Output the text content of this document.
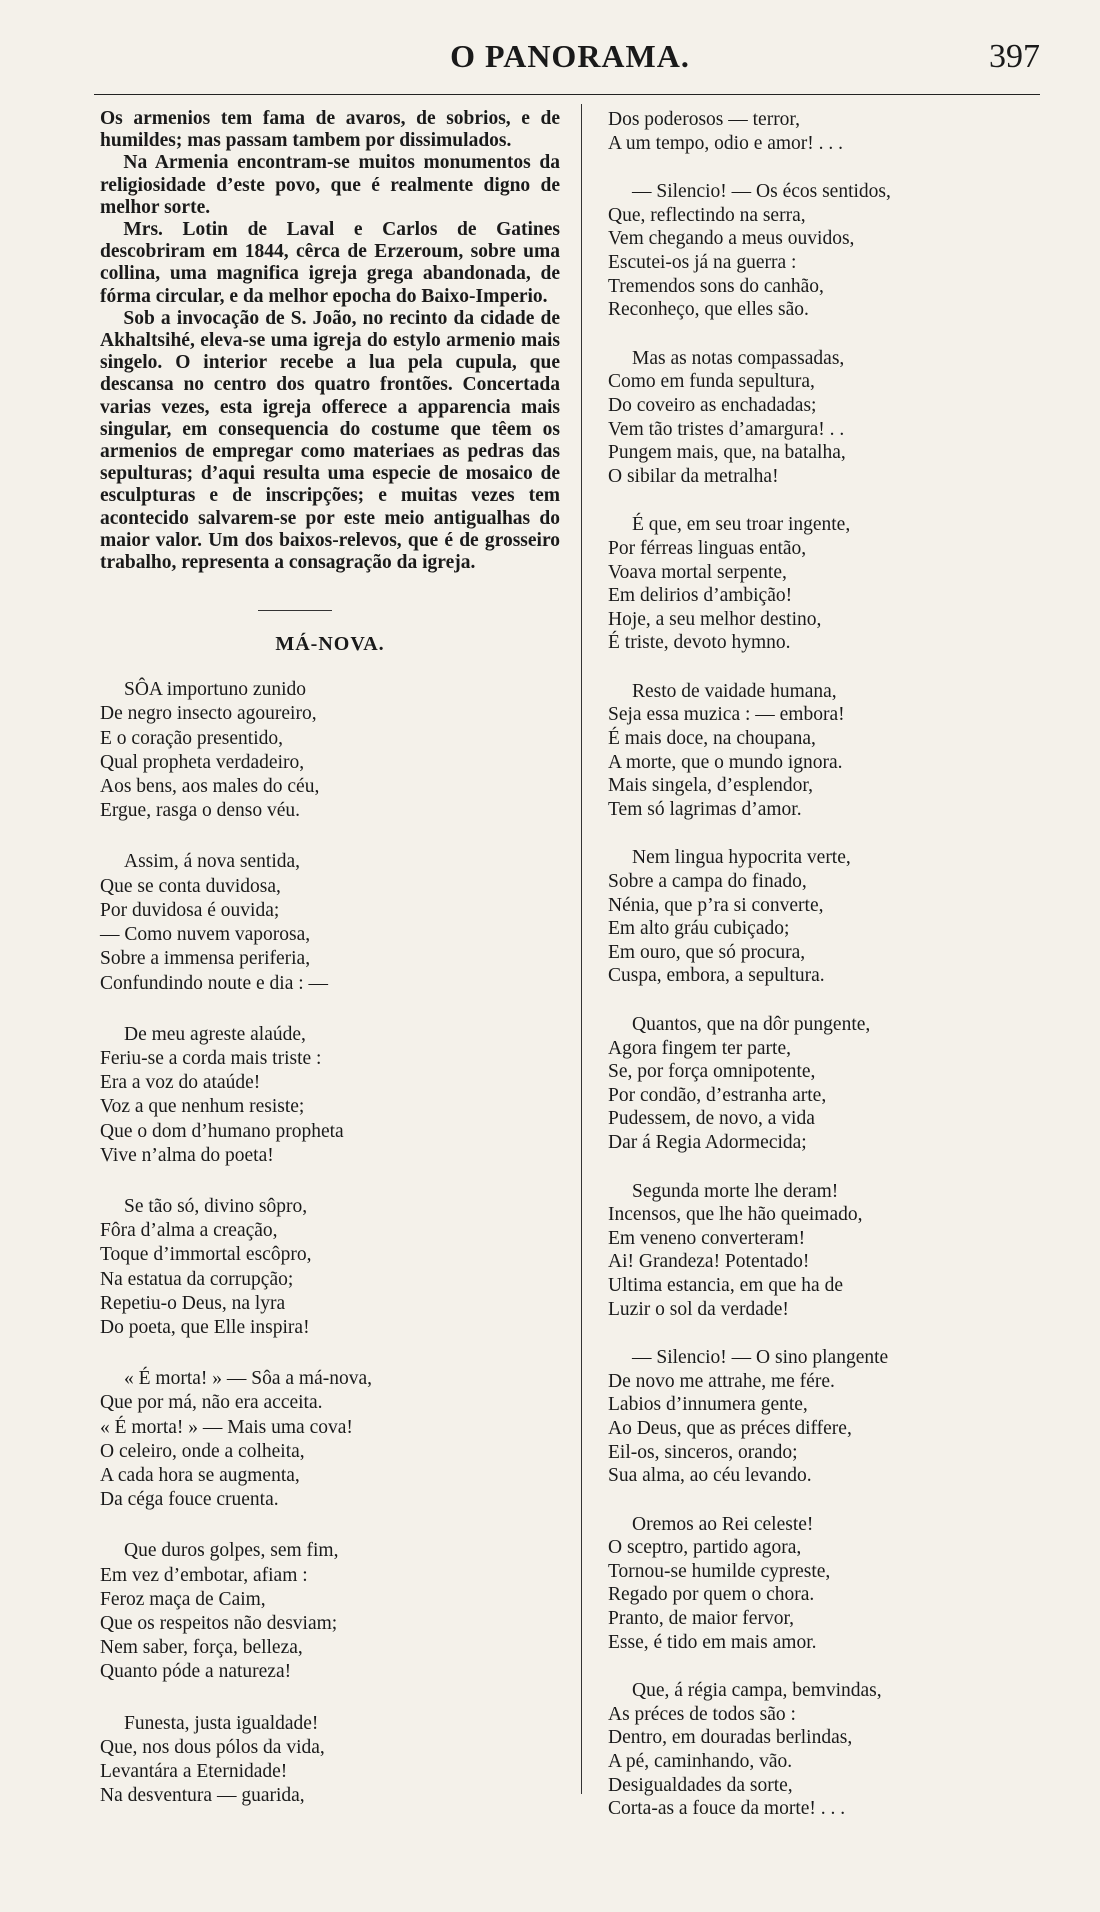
O PANORAMA.	397

Os armenios tem fama de avaros, de sobrios, e de humildes; mas passam tambem por dissimulados.

Na Armenia encontram-se muitos monumentos da religiosidade d’este povo, que é realmente digno de melhor sorte.

Mrs. Lotin de Laval e Carlos de Gatines descobriram em 1844, cêrca de Erzeroum, sobre uma collina, uma magnifica igreja grega abandonada, de fórma circular, e da melhor epocha do Baixo-Imperio.

Sob a invocação de S. João, no recinto da cidade de Akhaltsihé, eleva-se uma igreja do estylo armenio mais singelo. O interior recebe a lua pela cupula, que descansa no centro dos quatro frontões. Concertada varias vezes, esta igreja offerece a apparencia mais singular, em consequencia do costume que têem os armenios de empregar como materiaes as pedras das sepulturas; d’aqui resulta uma especie de mosaico de esculpturas e de inscripções; e muitas vezes tem acontecido salvarem-se por este meio antigualhas do maior valor. Um dos baixos-relevos, que é de grosseiro trabalho, representa a consagração da igreja.

MÁ-NOVA.
SÔA importuno zunido
De negro insecto agoureiro,
E o coração presentido,
Qual propheta verdadeiro,
Aos bens, aos males do céu,
Ergue, rasga o denso véu.
Assim, á nova sentida,
Que se conta duvidosa,
Por duvidosa é ouvida;
— Como nuvem vaporosa,
Sobre a immensa periferia,
Confundindo noute e dia : —
De meu agreste alaúde,
Feriu-se a corda mais triste :
Era a voz do ataúde!
Voz a que nenhum resiste;
Que o dom d’humano propheta
Vive n’alma do poeta!
Se tão só, divino sôpro,
Fôra d’alma a creação,
Toque d’immortal escôpro,
Na estatua da corrupção;
Repetiu-o Deus, na lyra
Do poeta, que Elle inspira!
« É morta! » — Sôa a má-nova,
Que por má, não era acceita.
« É morta! » — Mais uma cova!
O celeiro, onde a colheita,
A cada hora se augmenta,
Da céga fouce cruenta.
Que duros golpes, sem fim,
Em vez d’embotar, afiam :
Feroz maça de Caim,
Que os respeitos não desviam;
Nem saber, força, belleza,
Quanto póde a natureza!
Funesta, justa igualdade!
Que, nos dous pólos da vida,
Levantára a Eternidade!
Na desventura — guarida,
Dos poderosos — terror,
A um tempo, odio e amor! . . .
— Silencio! — Os écos sentidos,
Que, reflectindo na serra,
Vem chegando a meus ouvidos,
Escutei-os já na guerra :
Tremendos sons do canhão,
Reconheço, que elles são.
Mas as notas compassadas,
Como em funda sepultura,
Do coveiro as enchadadas;
Vem tão tristes d’amargura! . .
Pungem mais, que, na batalha,
O sibilar da metralha!
É que, em seu troar ingente,
Por férreas linguas então,
Voava mortal serpente,
Em delirios d’ambição!
Hoje, a seu melhor destino,
É triste, devoto hymno.
Resto de vaidade humana,
Seja essa muzica : — embora!
É mais doce, na choupana,
A morte, que o mundo ignora.
Mais singela, d’esplendor,
Tem só lagrimas d’amor.
Nem lingua hypocrita verte,
Sobre a campa do finado,
Nénia, que p’ra si converte,
Em alto gráu cubiçado;
Em ouro, que só procura,
Cuspa, embora, a sepultura.
Quantos, que na dôr pungente,
Agora fingem ter parte,
Se, por força omnipotente,
Por condão, d’estranha arte,
Pudessem, de novo, a vida
Dar á Regia Adormecida;
Segunda morte lhe deram!
Incensos, que lhe hão queimado,
Em veneno converteram!
Ai! Grandeza! Potentado!
Ultima estancia, em que ha de
Luzir o sol da verdade!
— Silencio! — O sino plangente
De novo me attrahe, me fére.
Labios d’innumera gente,
Ao Deus, que as préces differe,
Eil-os, sinceros, orando;
Sua alma, ao céu levando.
Oremos ao Rei celeste!
O sceptro, partido agora,
Tornou-se humilde cypreste,
Regado por quem o chora.
Pranto, de maior fervor,
Esse, é tido em mais amor.
Que, á régia campa, bemvindas,
As préces de todos são :
Dentro, em douradas berlindas,
A pé, caminhando, vão.
Desigualdades da sorte,
Corta-as a fouce da morte! . . .
